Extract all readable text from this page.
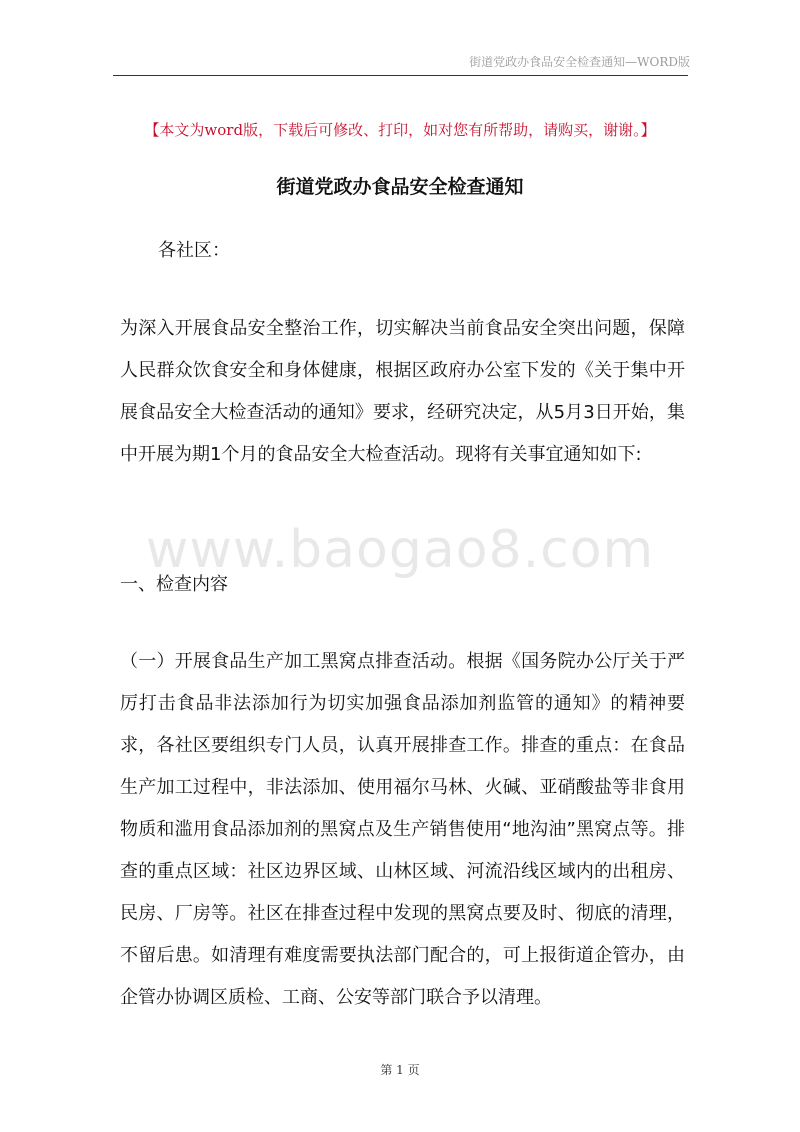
街道党政办食品安全检查通知—WORD版
【本文为word版，下载后可修改、打印，如对您有所帮助，请购买，谢谢。】
街道党政办食品安全检查通知
各社区：
为深入开展食品安全整治工作，切实解决当前食品安全突出问题，保障人民群众饮食安全和身体健康，根据区政府办公室下发的《关于集中开展食品安全大检查活动的通知》要求，经研究决定，从5月3日开始，集中开展为期1个月的食品安全大检查活动。现将有关事宜通知如下:
www.baogao8.com
一、检查内容
（一）开展食品生产加工黑窝点排查活动。根据《国务院办公厅关于严厉打击食品非法添加行为切实加强食品添加剂监管的通知》的精神要求，各社区要组织专门人员，认真开展排查工作。排查的重点：在食品生产加工过程中，非法添加、使用福尔马林、火碱、亚硝酸盐等非食用物质和滥用食品添加剂的黑窝点及生产销售使用“地沟油”黑窝点等。排查的重点区域：社区边界区域、山林区域、河流沿线区域内的出租房、民房、厂房等。社区在排查过程中发现的黑窝点要及时、彻底的清理，不留后患。如清理有难度需要执法部门配合的，可上报街道企管办，由企管办协调区质检、工商、公安等部门联合予以清理。
第 1 页
